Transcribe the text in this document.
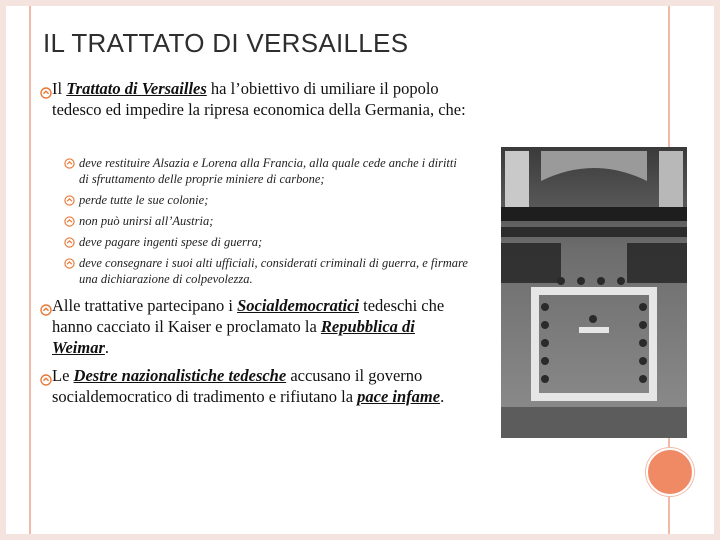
IL TRATTATO DI VERSAILLES
Il Trattato di Versailles ha l’obiettivo di umiliare il popolo tedesco ed impedire la ripresa economica della Germania, che:
deve restituire Alsazia e Lorena alla Francia, alla quale cede anche i diritti di sfruttamento delle proprie miniere di carbone;
perde tutte le sue colonie;
non può unirsi all’Austria;
deve pagare ingenti spese di guerra;
deve consegnare i suoi alti ufficiali, considerati criminali di guerra, e firmare una dichiarazione di colpevolezza.
Alle trattative partecipano i Socialdemocratici tedeschi che hanno cacciato il Kaiser e proclamato la Repubblica di Weimar.
Le Destre nazionalistiche tedesche accusano il governo socialdemocratico di tradimento e rifiutano la pace infame.
